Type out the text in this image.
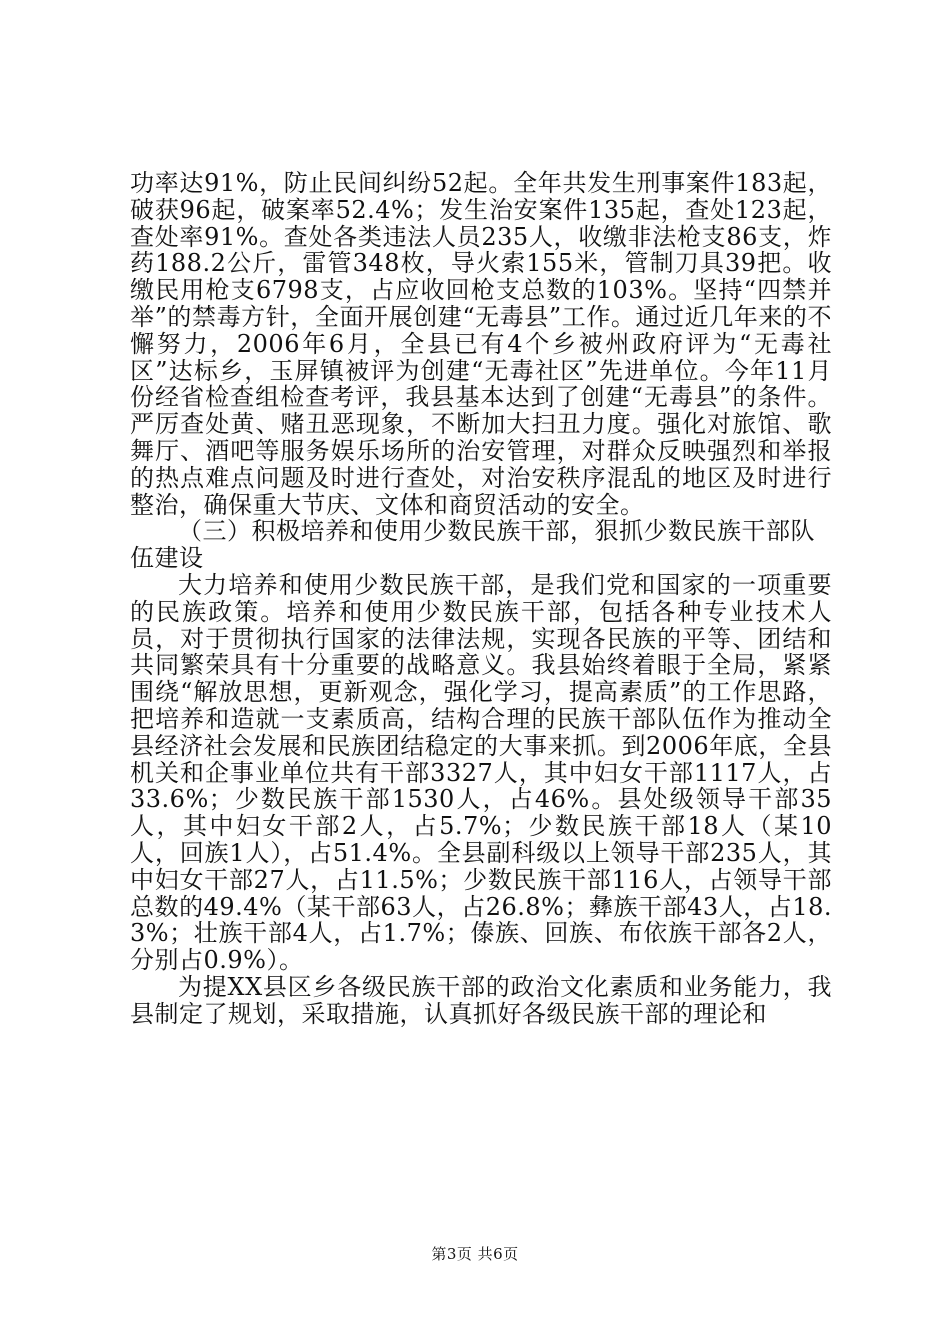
功率达91%，防止民间纠纷52起。全年共发生刑事案件183起，破获96起，破案率52.4%；发生治安案件135起，查处123起，查处率91%。查处各类违法人员235人，收缴非法枪支86支，炸药188.2公斤，雷管348枚，导火索155米，管制刀具39把。收缴民用枪支6798支，占应收回枪支总数的103%。坚持“四禁并举”的禁毒方针，全面开展创建“无毒县”工作。通过近几年来的不懈努力，2006年6月，全县已有4个乡被州政府评为“无毒社区”达标乡，玉屏镇被评为创建“无毒社区”先进单位。今年11月份经省检查组检查考评，我县基本达到了创建“无毒县”的条件。严厉查处黄、赌丑恶现象，不断加大扫丑力度。强化对旅馆、歌舞厅、酒吧等服务娱乐场所的治安管理，对群众反映强烈和举报的热点难点问题及时进行查处，对治安秩序混乱的地区及时进行整治，确保重大节庆、文体和商贸活动的安全。

（三）积极培养和使用少数民族干部，狠抓少数民族干部队伍建设

大力培养和使用少数民族干部，是我们党和国家的一项重要的民族政策。培养和使用少数民族干部，包括各种专业技术人员，对于贯彻执行国家的法律法规，实现各民族的平等、团结和共同繁荣具有十分重要的战略意义。我县始终着眼于全局，紧紧围绕“解放思想，更新观念，强化学习，提高素质”的工作思路，把培养和造就一支素质高，结构合理的民族干部队伍作为推动全县经济社会发展和民族团结稳定的大事来抓。到2006年底，全县机关和企事业单位共有干部3327人，其中妇女干部1117人，占33.6%；少数民族干部1530人，占46%。县处级领导干部35人，其中妇女干部2人，占5.7%；少数民族干部18人（某10人，回族1人），占51.4%。全县副科级以上领导干部235人，其中妇女干部27人，占11.5%；少数民族干部116人，占领导干部总数的49.4%（某干部63人，占26.8%；彝族干部43人，占18.3%；壮族干部4人，占1.7%；傣族、回族、布依族干部各2人，分别占0.9%）。

为提XX县区乡各级民族干部的政治文化素质和业务能力，我县制定了规划，采取措施，认真抓好各级民族干部的理论和

第3页 共6页
